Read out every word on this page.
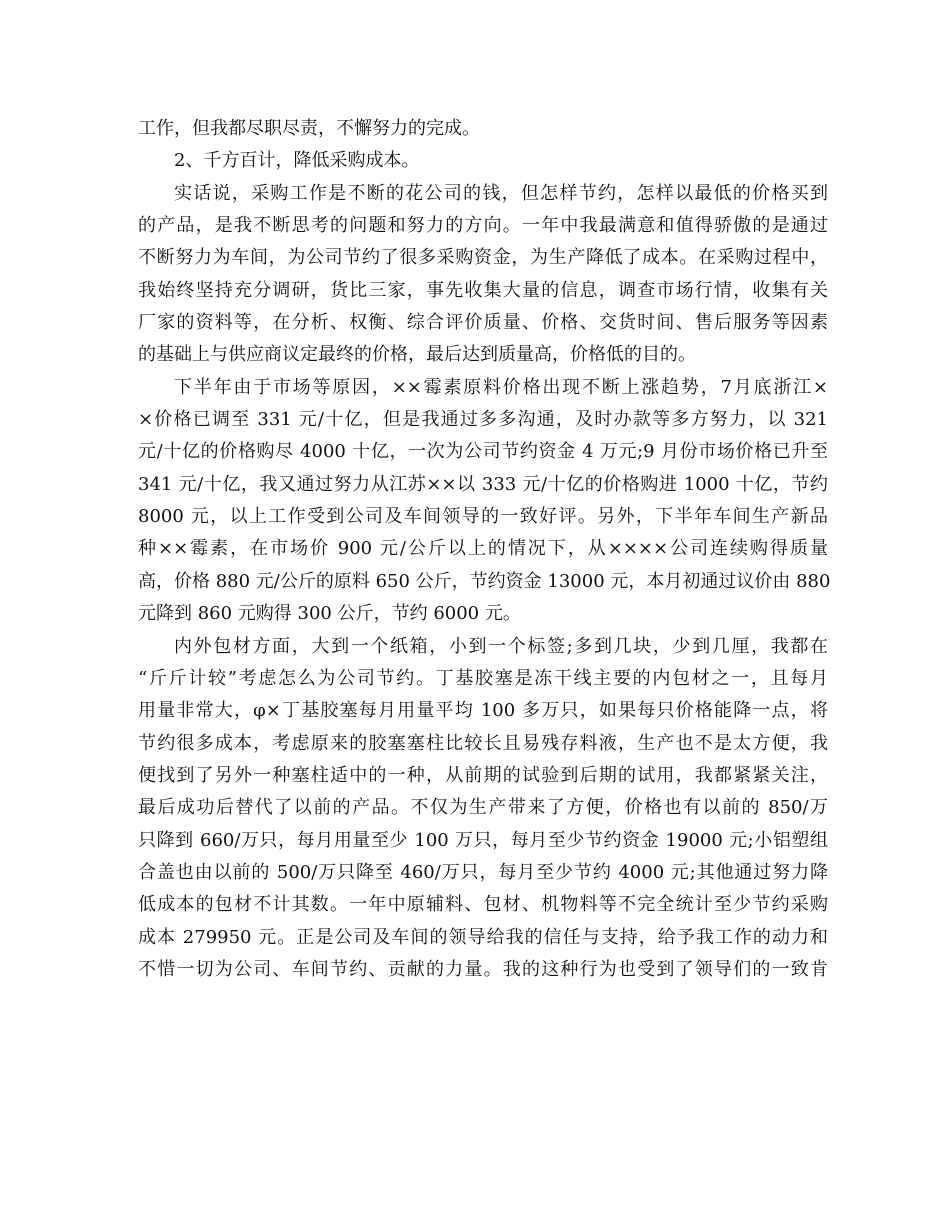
工作，但我都尽职尽责，不懈努力的完成。
2、千方百计，降低采购成本。
实话说，采购工作是不断的花公司的钱，但怎样节约，怎样以最低的价格买到
的产品，是我不断思考的问题和努力的方向。一年中我最满意和值得骄傲的是通过
不断努力为车间，为公司节约了很多采购资金，为生产降低了成本。在采购过程中，
我始终坚持充分调研，货比三家，事先收集大量的信息，调查市场行情，收集有关
厂家的资料等，在分析、权衡、综合评价质量、价格、交货时间、售后服务等因素
的基础上与供应商议定最终的价格，最后达到质量高，价格低的目的。
下半年由于市场等原因，××霉素原料价格出现不断上涨趋势，7月底浙江×
×价格已调至 331 元/十亿，但是我通过多多沟通，及时办款等多方努力，以 321
元/十亿的价格购尽 4000 十亿，一次为公司节约资金 4 万元;9 月份市场价格已升至
341 元/十亿，我又通过努力从江苏××以 333 元/十亿的价格购进 1000 十亿，节约
8000 元，以上工作受到公司及车间领导的一致好评。另外，下半年车间生产新品
种××霉素，在市场价 900 元/公斤以上的情况下，从××××公司连续购得质量
高，价格 880 元/公斤的原料 650 公斤，节约资金 13000 元，本月初通过议价由 880
元降到 860 元购得 300 公斤，节约 6000 元。
内外包材方面，大到一个纸箱，小到一个标签;多到几块，少到几厘，我都在
“斤斤计较”考虑怎么为公司节约。丁基胶塞是冻干线主要的内包材之一，且每月
用量非常大，φ×丁基胶塞每月用量平均 100 多万只，如果每只价格能降一点，将
节约很多成本，考虑原来的胶塞塞柱比较长且易残存料液，生产也不是太方便，我
便找到了另外一种塞柱适中的一种，从前期的试验到后期的试用，我都紧紧关注，
最后成功后替代了以前的产品。不仅为生产带来了方便，价格也有以前的 850/万
只降到 660/万只，每月用量至少 100 万只，每月至少节约资金 19000 元;小铝塑组
合盖也由以前的 500/万只降至 460/万只，每月至少节约 4000 元;其他通过努力降
低成本的包材不计其数。一年中原辅料、包材、机物料等不完全统计至少节约采购
成本 279950 元。正是公司及车间的领导给我的信任与支持，给予我工作的动力和
不惜一切为公司、车间节约、贡献的力量。我的这种行为也受到了领导们的一致肯
